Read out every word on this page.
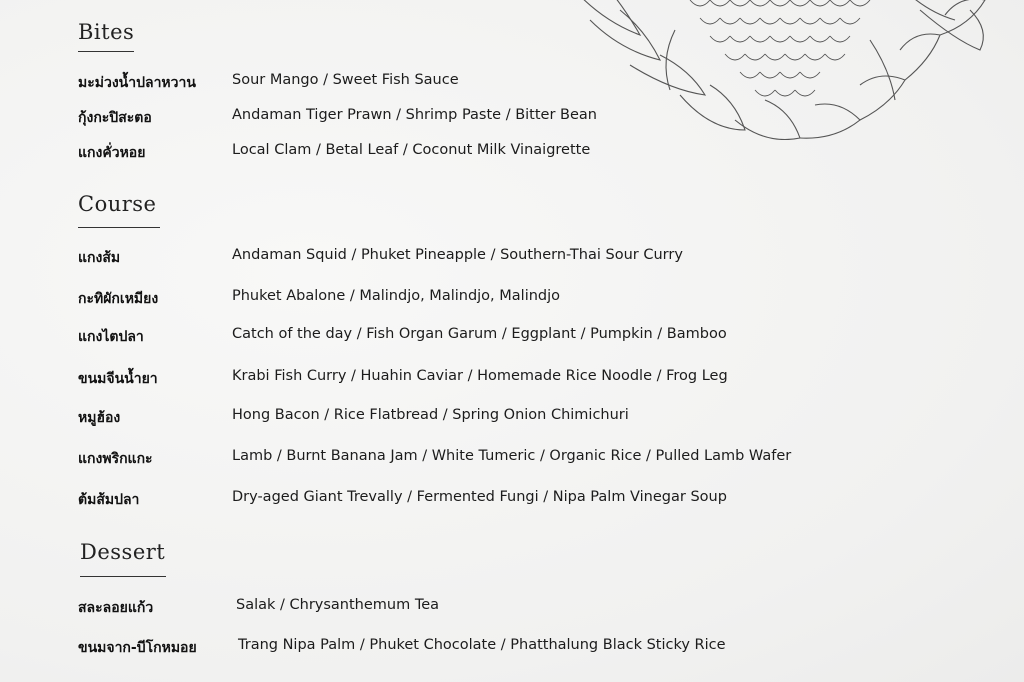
Bites
มะม่วงน้ำปลาหวาน Sour Mango / Sweet Fish Sauce
กุ้งกะปิสะตอ	Andaman Tiger Prawn / Shrimp Paste / Bitter Bean
แกงคั่วหอย	Local Clam / Betal Leaf / Coconut Milk Vinaigrette
Course
แกงส้ม	Andaman Squid / Phuket Pineapple / Southern-Thai Sour Curry
กะทิผักเหมียง	Phuket Abalone / Malindjo, Malindjo, Malindjo
แกงไตปลา	Catch of the day / Fish Organ Garum / Eggplant / Pumpkin / Bamboo
ขนมจีนน้ำยา	Krabi Fish Curry / Huahin Caviar / Homemade Rice Noodle / Frog Leg
หมูฮ้อง	Hong Bacon / Rice Flatbread / Spring Onion Chimichuri
แกงพริกแกะ	Lamb / Burnt Banana Jam / White Tumeric / Organic Rice / Pulled Lamb Wafer
ต้มส้มปลา	Dry-aged Giant Trevally / Fermented Fungi / Nipa Palm Vinegar Soup
Dessert
สละลอยแก้ว	Salak / Chrysanthemum Tea
ขนมจาก-บีโกหมอย	Trang Nipa Palm / Phuket Chocolate / Phatthalung Black Sticky Rice
